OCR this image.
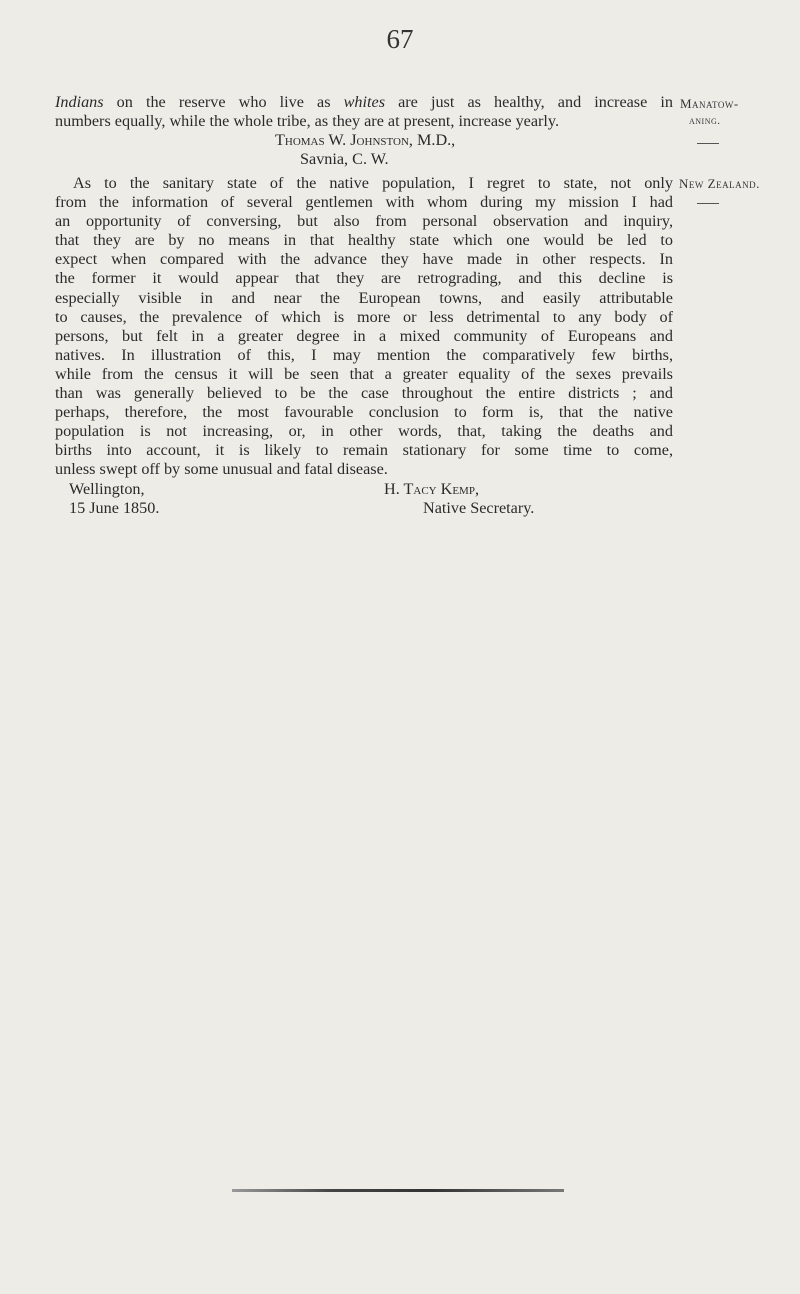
67
Indians on the reserve who live as whites are just as healthy, and increase in
numbers equally, while the whole tribe, as they are at present, increase yearly.
Thomas W. Johnston, M.D.,
Savnia, C. W.
Manatow-
aning.
As to the sanitary state of the native population, I regret to state, not only
from the information of several gentlemen with whom during my mission I had
an opportunity of conversing, but also from personal observation and inquiry,
that they are by no means in that healthy state which one would be led to
expect when compared with the advance they have made in other respects. In
the former it would appear that they are retrograding, and this decline is
especially visible in and near the European towns, and easily attributable
to causes, the prevalence of which is more or less detrimental to any body of
persons, but felt in a greater degree in a mixed community of Europeans and
natives. In illustration of this, I may mention the comparatively few births,
while from the census it will be seen that a greater equality of the sexes prevails
than was generally believed to be the case throughout the entire districts ; and
perhaps, therefore, the most favourable conclusion to form is, that the native
population is not increasing, or, in other words, that, taking the deaths and
births into account, it is likely to remain stationary for some time to come,
unless swept off by some unusual and fatal disease.
Wellington,	H. Tacy Kemp,
15 June 1850.	Native Secretary.
New Zealand.
